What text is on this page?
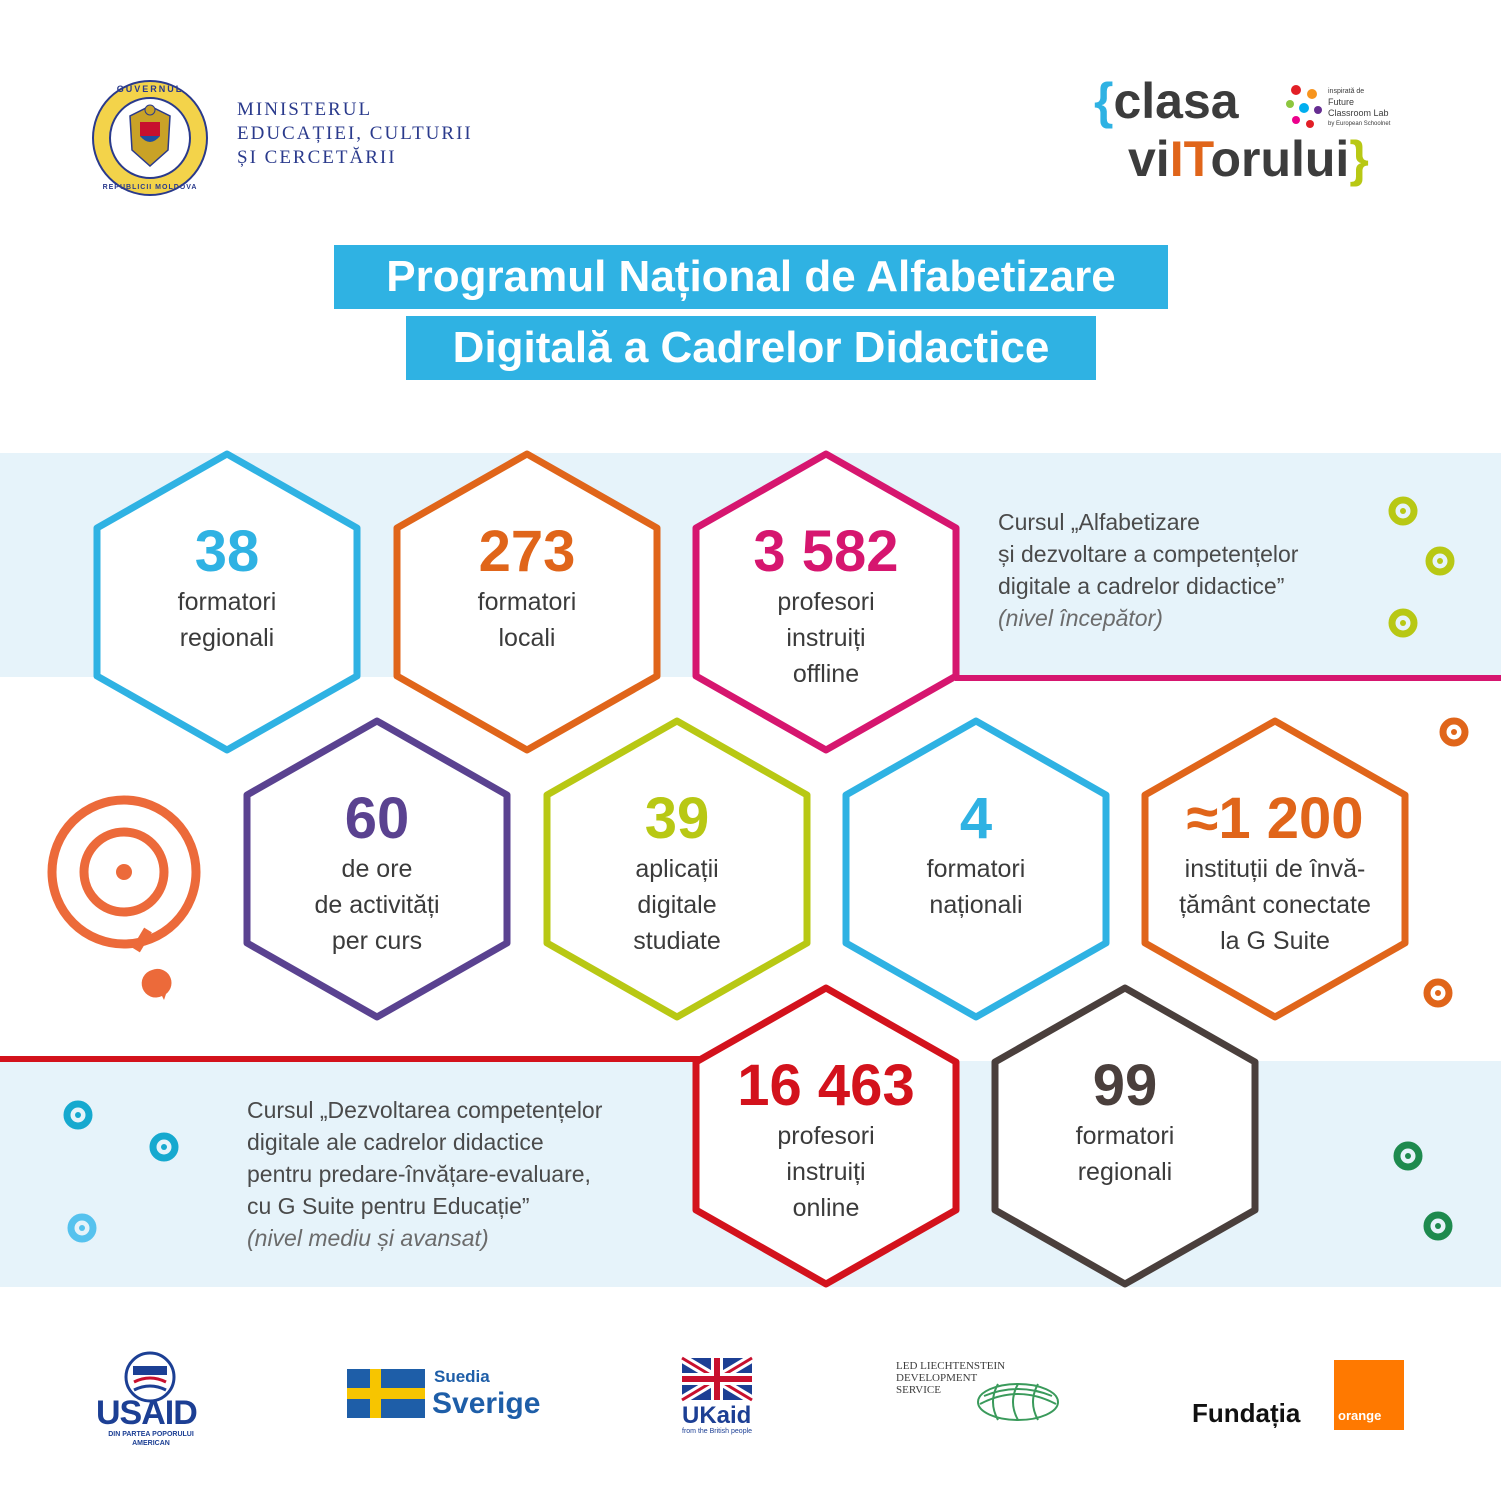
MINISTERUL
EDUCAȚIEI, CULTURII
ȘI CERCETĂRII
GUVERNUL
REPUBLICII MOLDOVA
{clasa
viITorului}
inspirată de
Future
Classroom Lab
by European Schoolnet
Programul Național de Alfabetizare
Digitală a Cadrelor Didactice
Cursul „Alfabetizare
și dezvoltare a competențelor
digitale a cadrelor didactice”
(nivel începător)
Cursul „Dezvoltarea competențelor
digitale ale cadrelor didactice
pentru predare-învățare-evaluare,
cu G Suite pentru Educație”
(nivel mediu și avansat)
38
formatori
regionali
273
formatori
locali
3 582
profesori
instruiți
offline
60
de ore
de activități
per curs
39
aplicații
digitale
studiate
4
formatori
naționali
≈1 200
instituții de învă-
țământ conectate
la G Suite
16 463
profesori
instruiți
online
99
formatori
regionali
USAID
DIN PARTEA POPORULUI
AMERICAN
Suedia
Sverige	UKaid
from the British people
LED LIECHTENSTEIN
DEVELOPMENT
SERVICE
Fundația	orange
